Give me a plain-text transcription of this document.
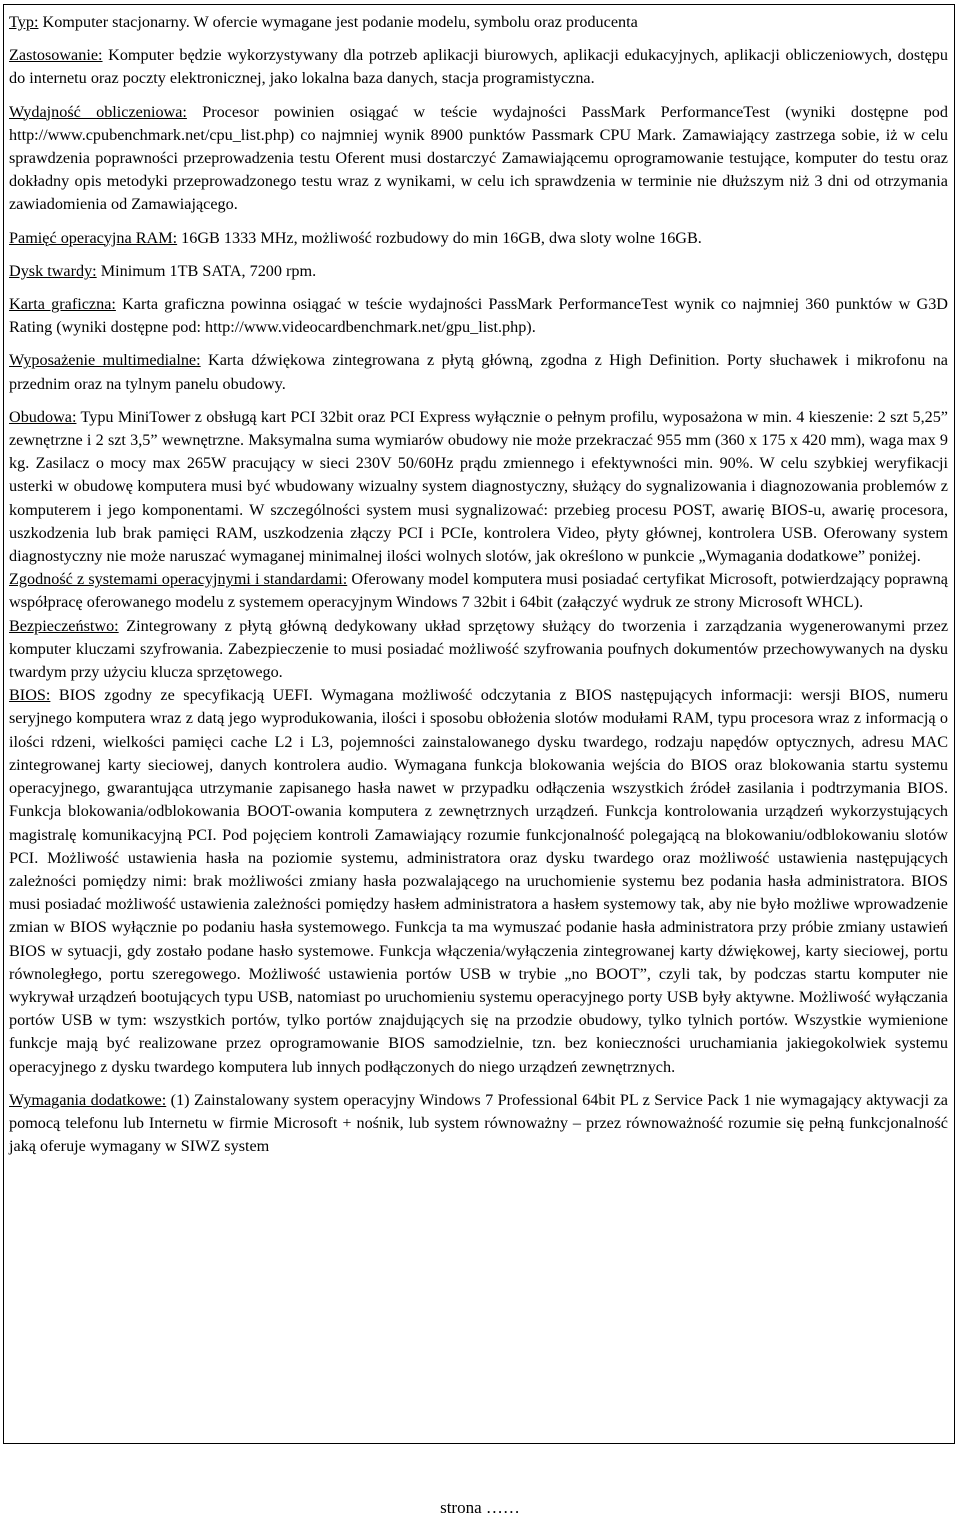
Typ: Komputer stacjonarny. W ofercie wymagane jest podanie modelu, symbolu oraz producenta

Zastosowanie: Komputer będzie wykorzystywany dla potrzeb aplikacji biurowych, aplikacji edukacyjnych, aplikacji obliczeniowych, dostępu do internetu oraz poczty elektronicznej, jako lokalna baza danych, stacja programistyczna.

Wydajność obliczeniowa: Procesor powinien osiągać w teście wydajności PassMark PerformanceTest (wyniki dostępne pod http://www.cpubenchmark.net/cpu_list.php) co najmniej wynik 8900 punktów Passmark CPU Mark. Zamawiający zastrzega sobie, iż w celu sprawdzenia poprawności przeprowadzenia testu Oferent musi dostarczyć Zamawiającemu oprogramowanie testujące, komputer do testu oraz dokładny opis metodyki przeprowadzonego testu wraz z wynikami, w celu ich sprawdzenia w terminie nie dłuższym niż 3 dni od otrzymania zawiadomienia od Zamawiającego.

Pamięć operacyjna RAM: 16GB 1333 MHz, możliwość rozbudowy do min 16GB, dwa sloty wolne 16GB.

Dysk twardy: Minimum 1TB SATA, 7200 rpm.

Karta graficzna: Karta graficzna powinna osiągać w teście wydajności PassMark PerformanceTest wynik co najmniej 360 punktów w G3D Rating (wyniki dostępne pod: http://www.videocardbenchmark.net/gpu_list.php).

Wyposażenie multimedialne: Karta dźwiękowa zintegrowana z płytą główną, zgodna z High Definition. Porty słuchawek i mikrofonu na przednim oraz na tylnym panelu obudowy.

Obudowa: Typu MiniTower z obsługą kart PCI 32bit oraz PCI Express wyłącznie o pełnym profilu, wyposażona w min. 4 kieszenie: 2 szt 5,25” zewnętrzne i 2 szt 3,5” wewnętrzne. Maksymalna suma wymiarów obudowy nie może przekraczać 955 mm (360 x 175 x 420 mm), waga max 9 kg. Zasilacz o mocy max 265W pracujący w sieci 230V 50/60Hz prądu zmiennego i efektywności min. 90%. W celu szybkiej weryfikacji usterki w obudowę komputera musi być wbudowany wizualny system diagnostyczny, służący do sygnalizowania i diagnozowania problemów z komputerem i jego komponentami. W szczególności system musi sygnalizować: przebieg procesu POST, awarię BIOS-u, awarię procesora, uszkodzenia lub brak pamięci RAM, uszkodzenia złączy PCI i PCIe, kontrolera Video, płyty głównej, kontrolera USB. Oferowany system diagnostyczny nie może naruszać wymaganej minimalnej ilości wolnych slotów, jak określono w punkcie „Wymagania dodatkowe” poniżej.

Zgodność z systemami operacyjnymi i standardami: Oferowany model komputera musi posiadać certyfikat Microsoft, potwierdzający poprawną współpracę oferowanego modelu z systemem operacyjnym Windows 7 32bit i 64bit (załączyć wydruk ze strony Microsoft WHCL).

Bezpieczeństwo: Zintegrowany z płytą główną dedykowany układ sprzętowy służący do tworzenia i zarządzania wygenerowanymi przez komputer kluczami szyfrowania. Zabezpieczenie to musi posiadać możliwość szyfrowania poufnych dokumentów przechowywanych na dysku twardym przy użyciu klucza sprzętowego.

BIOS: BIOS zgodny ze specyfikacją UEFI. Wymagana możliwość odczytania z BIOS następujących informacji: wersji BIOS, numeru seryjnego komputera wraz z datą jego wyprodukowania, ilości i sposobu obłożenia slotów modułami RAM, typu procesora wraz z informacją o ilości rdzeni, wielkości pamięci cache L2 i L3, pojemności zainstalowanego dysku twardego, rodzaju napędów optycznych, adresu MAC zintegrowanej karty sieciowej, danych kontrolera audio. Wymagana funkcja blokowania wejścia do BIOS oraz blokowania startu systemu operacyjnego, gwarantująca utrzymanie zapisanego hasła nawet w przypadku odłączenia wszystkich źródeł zasilania i podtrzymania BIOS. Funkcja blokowania/odblokowania BOOT-owania komputera z zewnętrznych urządzeń. Funkcja kontrolowania urządzeń wykorzystujących magistralę komunikacyjną PCI. Pod pojęciem kontroli Zamawiający rozumie funkcjonalność polegającą na blokowaniu/odblokowaniu slotów PCI. Możliwość ustawienia hasła na poziomie systemu, administratora oraz dysku twardego oraz możliwość ustawienia następujących zależności pomiędzy nimi: brak możliwości zmiany hasła pozwalającego na uruchomienie systemu bez podania hasła administratora. BIOS musi posiadać możliwość ustawienia zależności pomiędzy hasłem administratora a hasłem systemowy tak, aby nie było możliwe wprowadzenie zmian w BIOS wyłącznie po podaniu hasła systemowego. Funkcja ta ma wymuszać podanie hasła administratora przy próbie zmiany ustawień BIOS w sytuacji, gdy zostało podane hasło systemowe. Funkcja włączenia/wyłączenia zintegrowanej karty dźwiękowej, karty sieciowej, portu równoległego, portu szeregowego. Możliwość ustawienia portów USB w trybie „no BOOT”, czyli tak, by podczas startu komputer nie wykrywał urządzeń bootujących typu USB, natomiast po uruchomieniu systemu operacyjnego porty USB były aktywne. Możliwość wyłączania portów USB w tym: wszystkich portów, tylko portów znajdujących się na przodzie obudowy, tylko tylnich portów. Wszystkie wymienione funkcje mają być realizowane przez oprogramowanie BIOS samodzielnie, tzn. bez konieczności uruchamiania jakiegokolwiek systemu operacyjnego z dysku twardego komputera lub innych podłączonych do niego urządzeń zewnętrznych.

Wymagania dodatkowe: (1) Zainstalowany system operacyjny Windows 7 Professional 64bit PL z Service Pack 1 nie wymagający aktywacji za pomocą telefonu lub Internetu w firmie Microsoft + nośnik, lub system równoważny – przez równoważność rozumie się pełną funkcjonalność jaką oferuje wymagany w SIWZ system

strona ……
